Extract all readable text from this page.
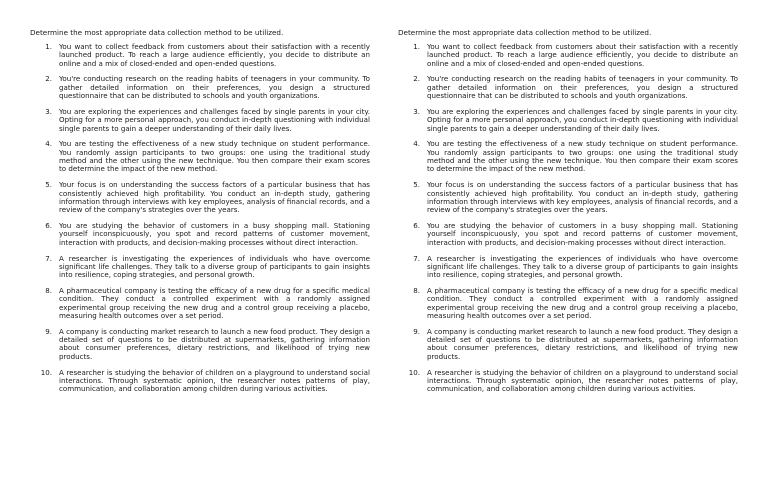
Determine the most appropriate data collection method to be utilized.

1. You want to collect feedback from customers about their satisfaction with a recently launched product. To reach a large audience efficiently, you decide to distribute an online and a mix of closed-ended and open-ended questions.
2. You're conducting research on the reading habits of teenagers in your community. To gather detailed information on their preferences, you design a structured questionnaire that can be distributed to schools and youth organizations.
3. You are exploring the experiences and challenges faced by single parents in your city. Opting for a more personal approach, you conduct in-depth questioning with individual single parents to gain a deeper understanding of their daily lives.
4. You are testing the effectiveness of a new study technique on student performance. You randomly assign participants to two groups: one using the traditional study method and the other using the new technique. You then compare their exam scores to determine the impact of the new method.
5. Your focus is on understanding the success factors of a particular business that has consistently achieved high profitability. You conduct an in-depth study, gathering information through interviews with key employees, analysis of financial records, and a review of the company's strategies over the years.
6. You are studying the behavior of customers in a busy shopping mall. Stationing yourself inconspicuously, you spot and record patterns of customer movement, interaction with products, and decision-making processes without direct interaction.
7. A researcher is investigating the experiences of individuals who have overcome significant life challenges. They talk to a diverse group of participants to gain insights into resilience, coping strategies, and personal growth.
8. A pharmaceutical company is testing the efficacy of a new drug for a specific medical condition. They conduct a controlled experiment with a randomly assigned experimental group receiving the new drug and a control group receiving a placebo, measuring health outcomes over a set period.
9. A company is conducting market research to launch a new food product. They design a detailed set of questions to be distributed at supermarkets, gathering information about consumer preferences, dietary restrictions, and likelihood of trying new products.
10. A researcher is studying the behavior of children on a playground to understand social interactions. Through systematic opinion, the researcher notes patterns of play, communication, and collaboration among children during various activities.

Determine the most appropriate data collection method to be utilized.

1. You want to collect feedback from customers about their satisfaction with a recently launched product. To reach a large audience efficiently, you decide to distribute an online and a mix of closed-ended and open-ended questions.
2. You're conducting research on the reading habits of teenagers in your community. To gather detailed information on their preferences, you design a structured questionnaire that can be distributed to schools and youth organizations.
3. You are exploring the experiences and challenges faced by single parents in your city. Opting for a more personal approach, you conduct in-depth questioning with individual single parents to gain a deeper understanding of their daily lives.
4. You are testing the effectiveness of a new study technique on student performance. You randomly assign participants to two groups: one using the traditional study method and the other using the new technique. You then compare their exam scores to determine the impact of the new method.
5. Your focus is on understanding the success factors of a particular business that has consistently achieved high profitability. You conduct an in-depth study, gathering information through interviews with key employees, analysis of financial records, and a review of the company's strategies over the years.
6. You are studying the behavior of customers in a busy shopping mall. Stationing yourself inconspicuously, you spot and record patterns of customer movement, interaction with products, and decision-making processes without direct interaction.
7. A researcher is investigating the experiences of individuals who have overcome significant life challenges. They talk to a diverse group of participants to gain insights into resilience, coping strategies, and personal growth.
8. A pharmaceutical company is testing the efficacy of a new drug for a specific medical condition. They conduct a controlled experiment with a randomly assigned experimental group receiving the new drug and a control group receiving a placebo, measuring health outcomes over a set period.
9. A company is conducting market research to launch a new food product. They design a detailed set of questions to be distributed at supermarkets, gathering information about consumer preferences, dietary restrictions, and likelihood of trying new products.
10. A researcher is studying the behavior of children on a playground to understand social interactions. Through systematic opinion, the researcher notes patterns of play, communication, and collaboration among children during various activities.
